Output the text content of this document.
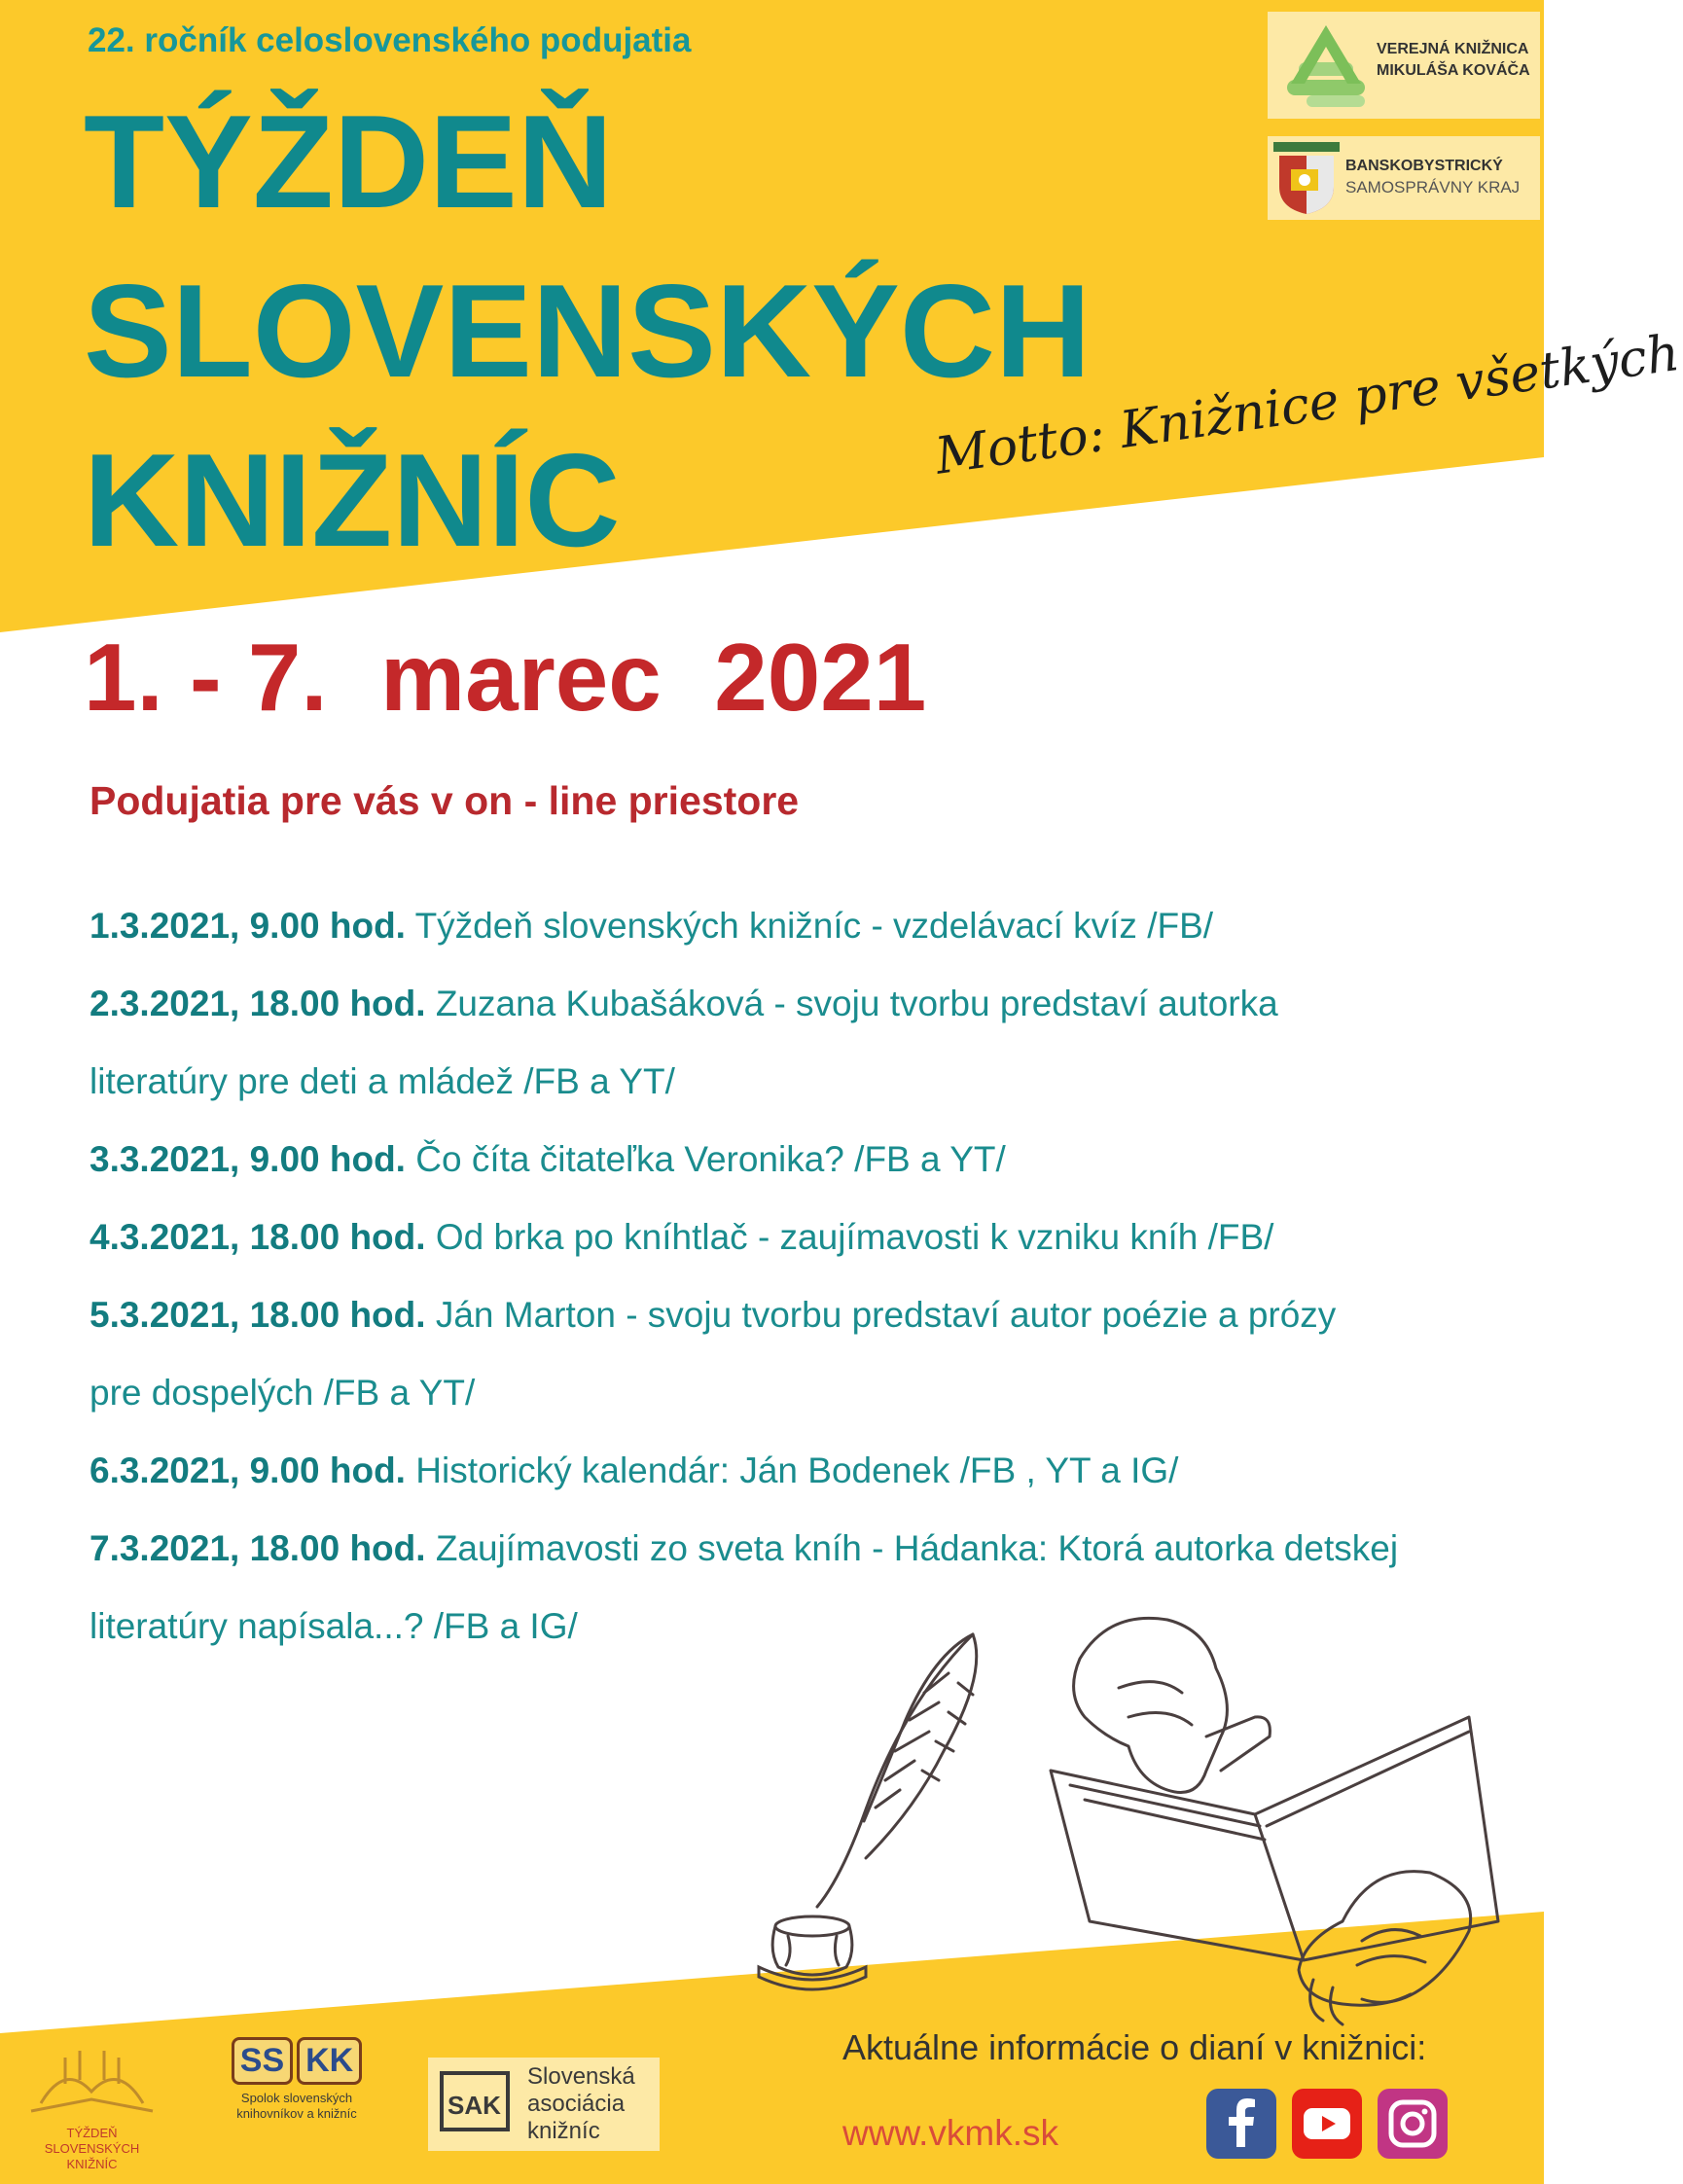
22. ročník celoslovenského podujatia
TÝŽDEŇ
SLOVENSKÝCH
KNIŽNÍC
Motto: Knižnice pre všetkých
VEREJNÁ KNIŽNICA
MIKULÁŠA KOVÁČA
BANSKOBYSTRICKÝ
SAMOSPRÁVNY KRAJ
1. - 7.  marec  2021
Podujatia pre vás v on - line priestore
1.3.2021, 9.00 hod. Týždeň slovenských knižníc - vzdelávací kvíz /FB/
2.3.2021, 18.00 hod. Zuzana Kubašáková - svoju tvorbu predstaví autorka literatúry pre deti a mládež /FB a YT/
3.3.2021, 9.00 hod. Čo číta čitateľka Veronika? /FB a YT/
4.3.2021, 18.00 hod. Od brka po kníhtlač - zaujímavosti k vzniku kníh /FB/
5.3.2021, 18.00 hod. Ján Marton - svoju tvorbu predstaví autor poézie a prózy pre dospelých /FB a YT/
6.3.2021, 9.00 hod. Historický kalendár: Ján Bodenek /FB , YT a IG/
7.3.2021, 18.00 hod. Zaujímavosti zo sveta kníh - Hádanka: Ktorá autorka detskej literatúry napísala...? /FB a IG/
TÝŽDEŇ SLOVENSKÝCH
KNIŽNÍC
SS KK
Spolok slovenských
knihovníkov a knižníc	SAK
Slovenská
asociácia
knižníc
Aktuálne informácie o dianí v knižnici:
www.vkmk.sk
